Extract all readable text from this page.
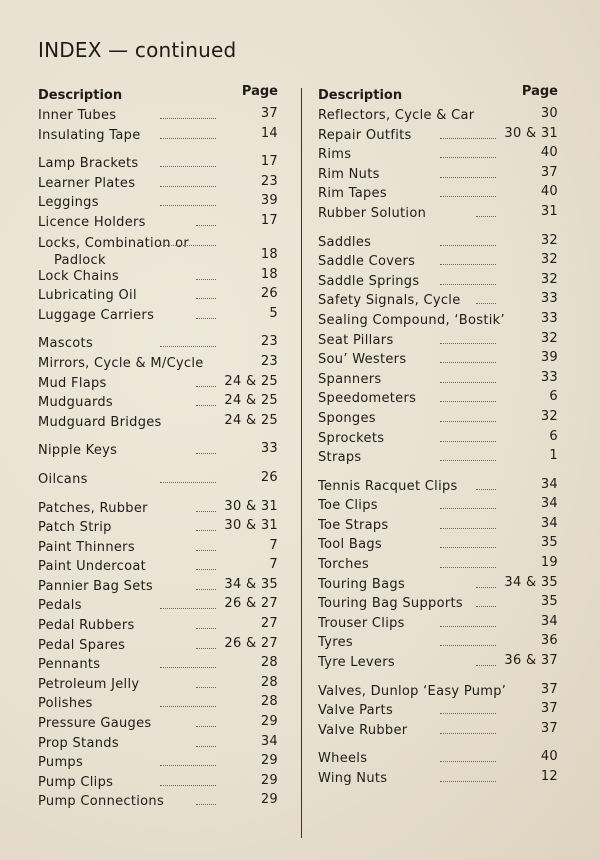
INDEX — continued
Description	Page
Inner Tubes	37
Insulating Tape	14
Lamp Brackets	17
Learner Plates	23
Leggings	39
Licence Holders	17
Locks, Combination or
Padlock	18
Lock Chains	18
Lubricating Oil	26
Luggage Carriers	5
Mascots	23
Mirrors, Cycle & M/Cycle	23
Mud Flaps	24 & 25
Mudguards	24 & 25
Mudguard Bridges	24 & 25
Nipple Keys	33
Oilcans	26
Patches, Rubber	30 & 31
Patch Strip	30 & 31
Paint Thinners	7
Paint Undercoat	7
Pannier Bag Sets	34 & 35
Pedals	26 & 27
Pedal Rubbers	27
Pedal Spares	26 & 27
Pennants	28
Petroleum Jelly	28
Polishes	28
Pressure Gauges	29
Prop Stands	34
Pumps	29
Pump Clips	29
Pump Connections	29
Description	Page
Reflectors, Cycle & Car	30
Repair Outfits	30 & 31
Rims	40
Rim Nuts	37
Rim Tapes	40
Rubber Solution	31
Saddles	32
Saddle Covers	32
Saddle Springs	32
Safety Signals, Cycle	33
Sealing Compound, ‘Bostik’	33
Seat Pillars	32
Sou’ Westers	39
Spanners	33
Speedometers	6
Sponges	32
Sprockets	6
Straps	1
Tennis Racquet Clips	34
Toe Clips	34
Toe Straps	34
Tool Bags	35
Torches	19
Touring Bags	34 & 35
Touring Bag Supports	35
Trouser Clips	34
Tyres	36
Tyre Levers	36 & 37
Valves, Dunlop ‘Easy Pump’	37
Valve Parts	37
Valve Rubber	37
Wheels	40
Wing Nuts	12
